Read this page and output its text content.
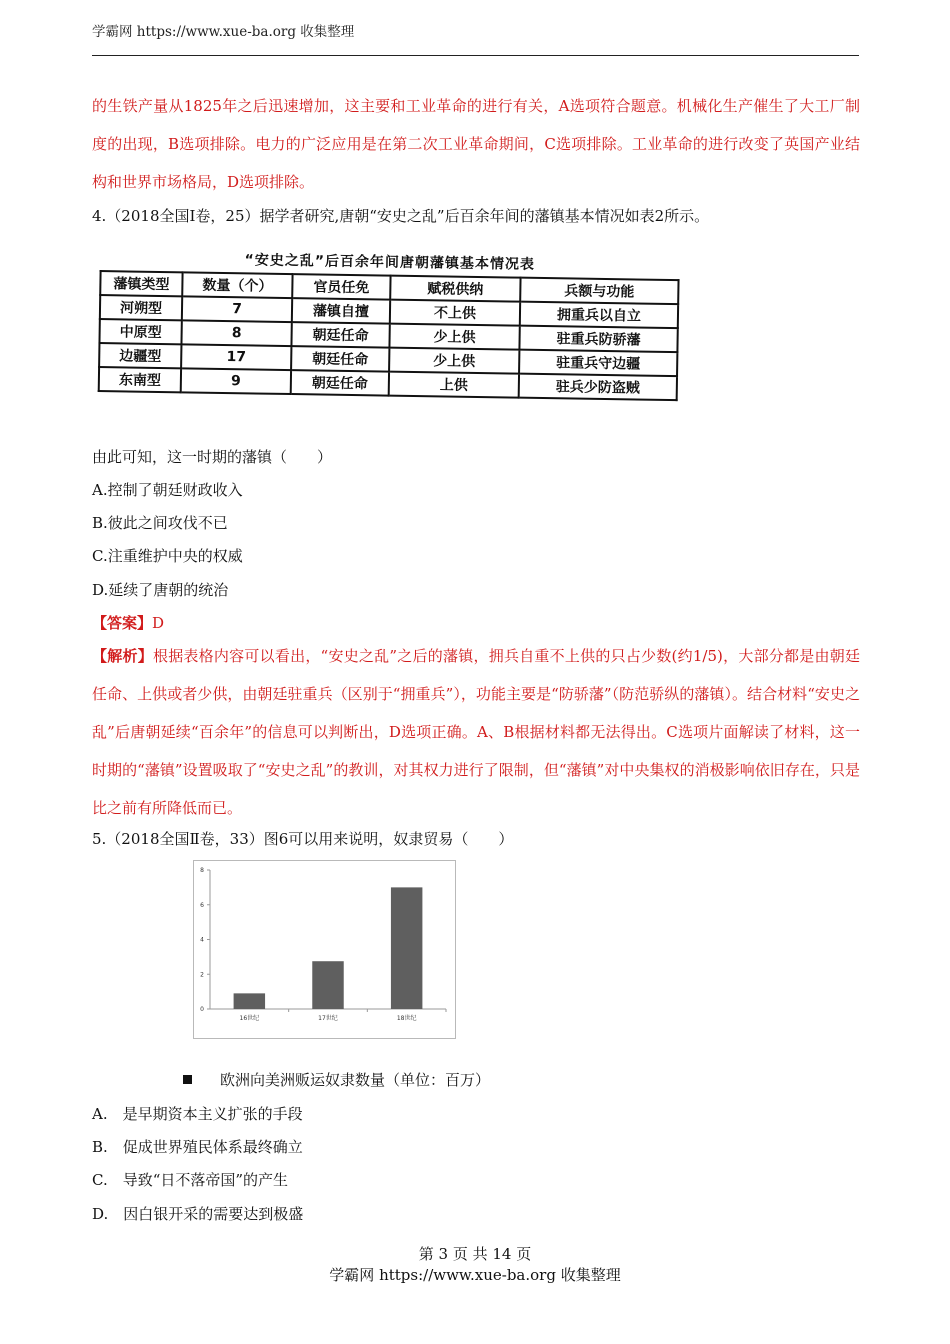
学霸网 https://www.xue-ba.org 收集整理
的生铁产量从1825年之后迅速增加，这主要和工业革命的进行有关，A选项符合题意。机械化生产催生了大工厂制度的出现，B选项排除。电力的广泛应用是在第二次工业革命期间，C选项排除。工业革命的进行改变了英国产业结构和世界市场格局，D选项排除。
4.（2018全国Ⅰ卷，25）据学者研究,唐朝“安史之乱”后百余年间的藩镇基本情况如表2所示。
“安史之乱”后百余年间唐朝藩镇基本情况表
藩镇类型	数量（个）	官员任免	赋税供纳	兵额与功能
河朔型	7	藩镇自擅	不上供	拥重兵以自立
中原型	8	朝廷任命	少上供	驻重兵防骄藩
边疆型	17	朝廷任命	少上供	驻重兵守边疆
东南型	9	朝廷任命	上供	驻兵少防盗贼
由此可知，这一时期的藩镇（　　）
A.控制了朝廷财政收入
B.彼此之间攻伐不已
C.注重维护中央的权威
D.延续了唐朝的统治
【答案】D
【解析】根据表格内容可以看出，“安史之乱”之后的藩镇，拥兵自重不上供的只占少数(约1/5)，大部分都是由朝廷任命、上供或者少供，由朝廷驻重兵（区别于“拥重兵”），功能主要是“防骄藩”（防范骄纵的藩镇）。结合材料“安史之乱”后唐朝延续“百余年”的信息可以判断出，D选项正确。A、B根据材料都无法得出。C选项片面解读了材料，这一时期的“藩镇”设置吸取了“安史之乱”的教训，对其权力进行了限制，但“藩镇”对中央集权的消极影响依旧存在，只是比之前有所降低而已。
5.（2018全国Ⅱ卷，33）图6可以用来说明，奴隶贸易（　　）
0
2
4
6
8
16世纪	17世纪	18世纪
欧洲向美洲贩运奴隶数量（单位：百万）
A.　是早期资本主义扩张的手段
B.　促成世界殖民体系最终确立
C.　导致“日不落帝国”的产生
D.　因白银开采的需要达到极盛
第 3 页 共 14 页
学霸网 https://www.xue-ba.org 收集整理
